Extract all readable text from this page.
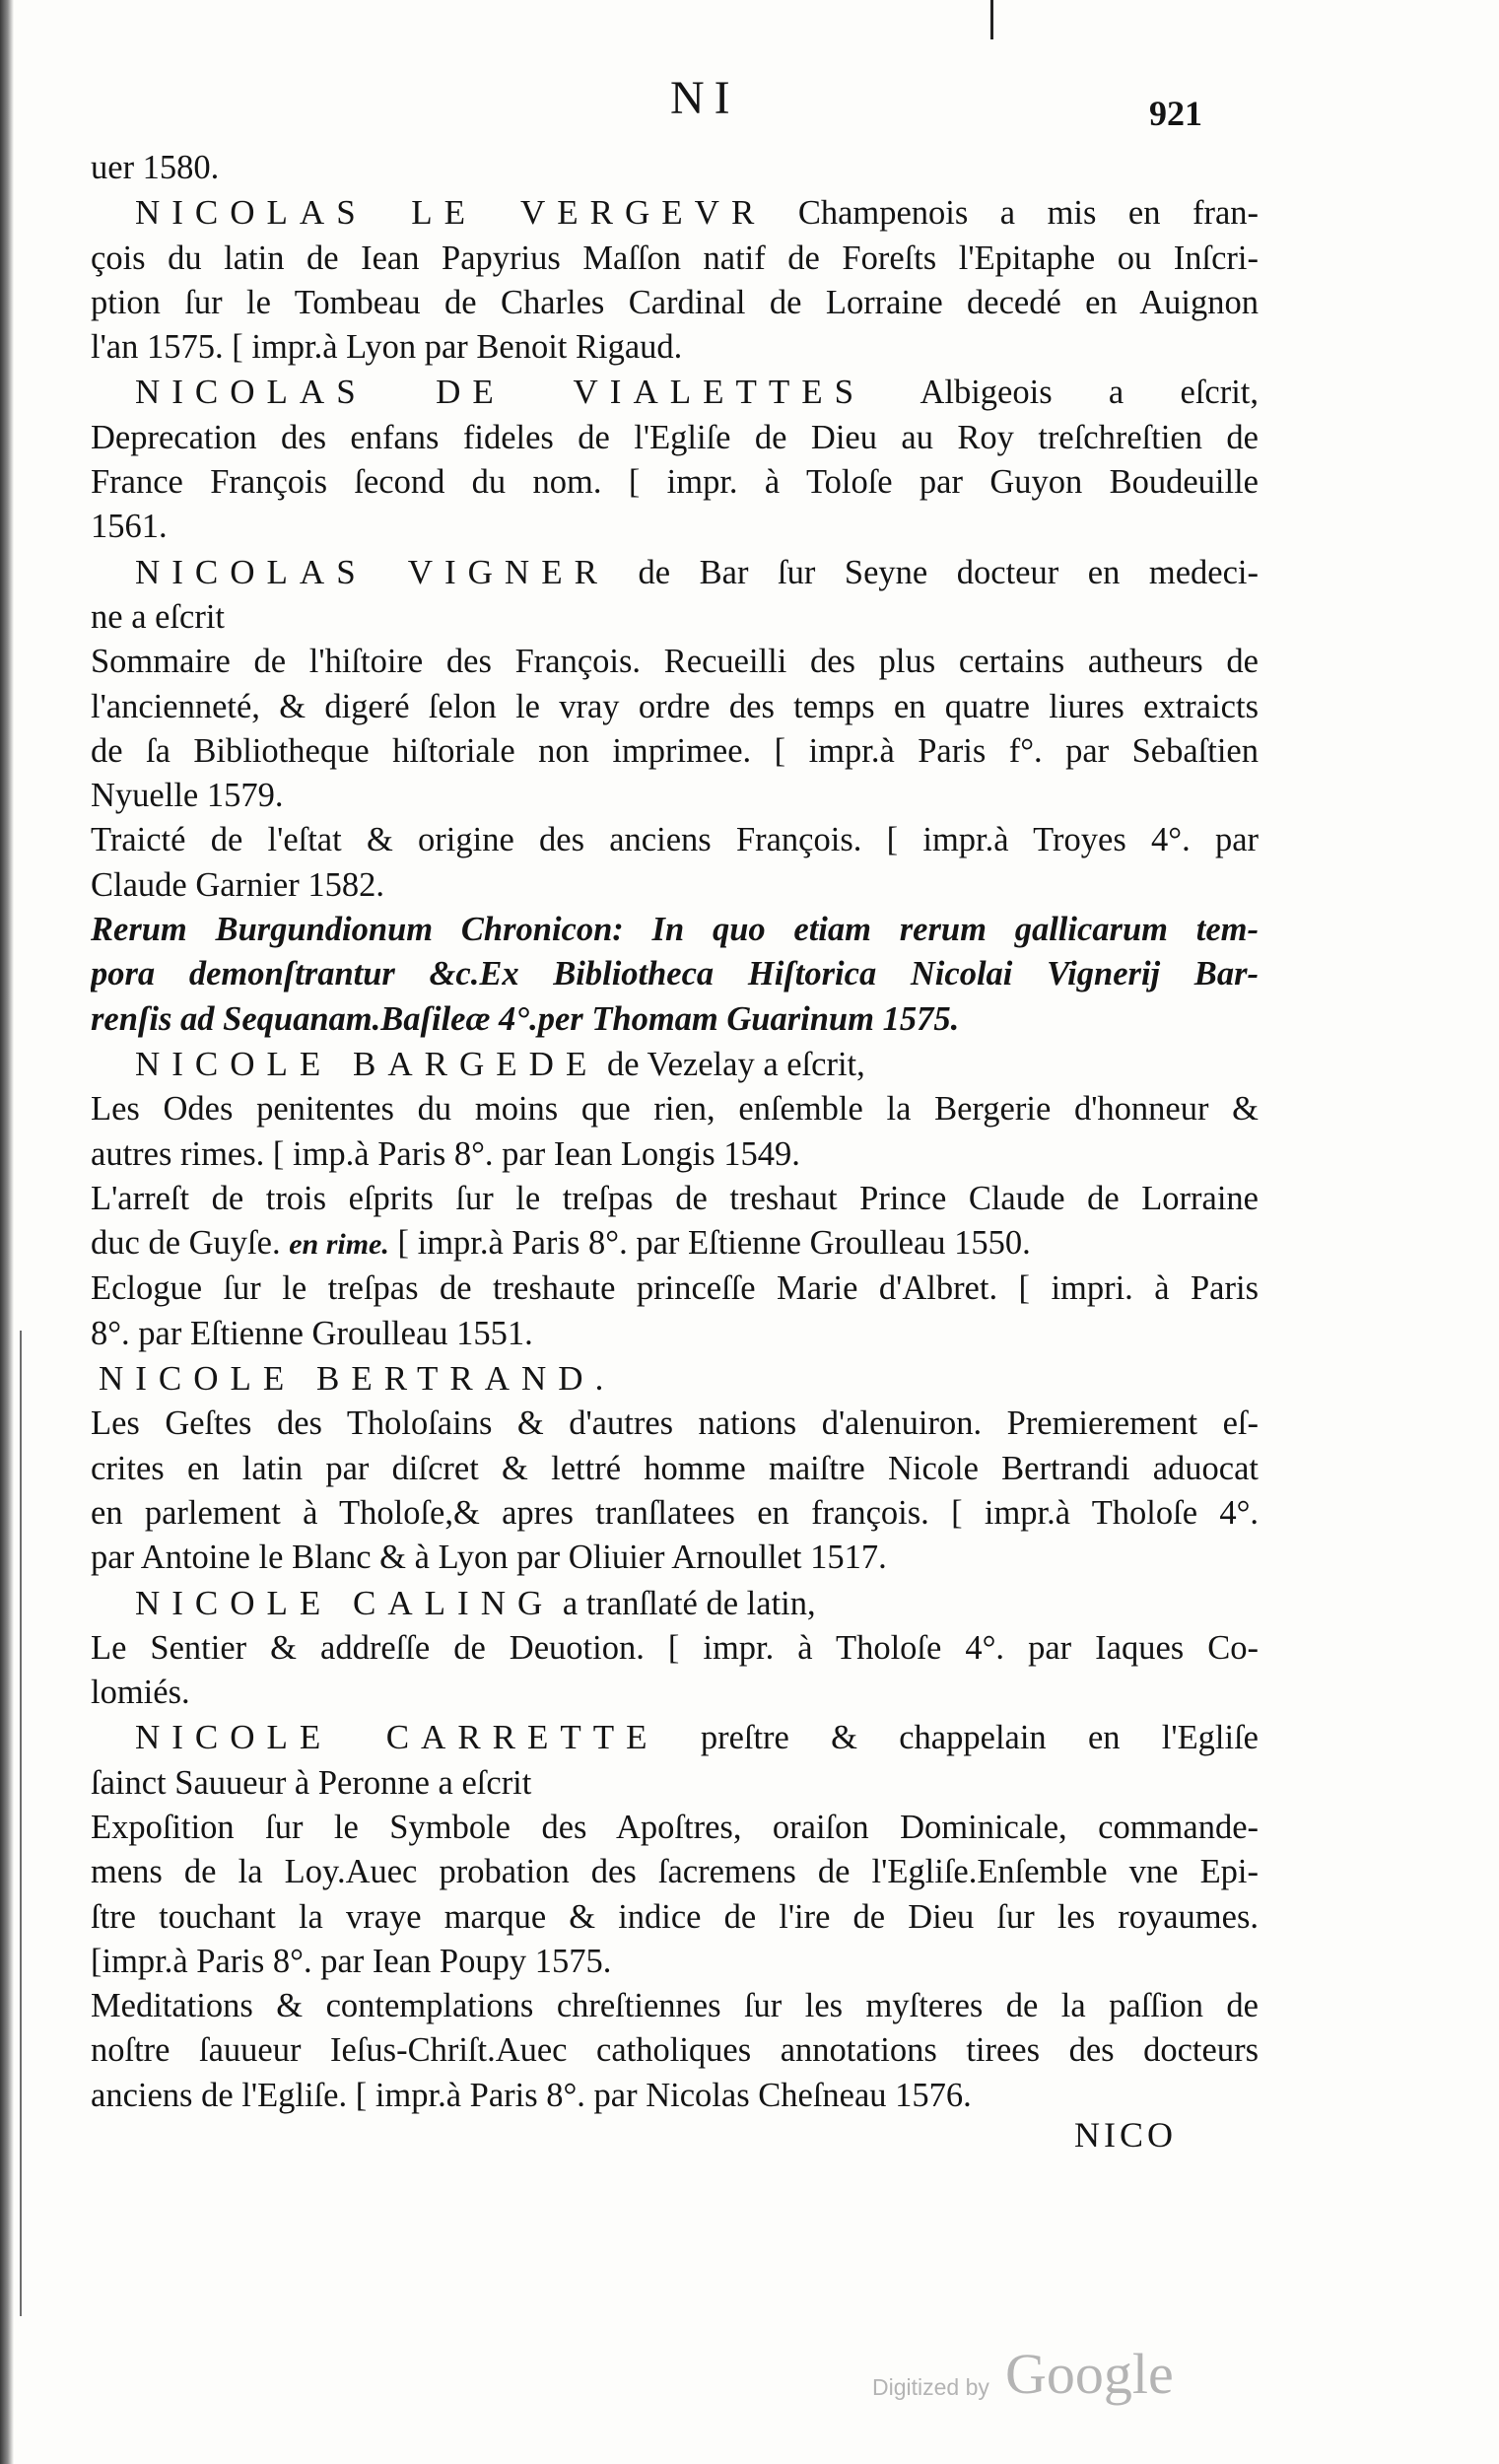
NI	921
uer 1580.
NICOLAS LE VERGEVR Champenois a mis en fran-
çois du latin de Iean Papyrius Maſſon natif de Foreſts l'Epitaphe ou Inſcri-
ption ſur le Tombeau de Charles Cardinal de Lorraine decedé en Auignon
l'an 1575. [ impr.à Lyon par Benoit Rigaud.
NICOLAS DE VIALETTES Albigeois a eſcrit,
Deprecation des enfans fideles de l'Egliſe de Dieu au Roy treſchreſtien de
France François ſecond du nom. [ impr. à Toloſe par Guyon Boudeuille
1561.
NICOLAS VIGNER de Bar ſur Seyne docteur en medeci-
ne a eſcrit
Sommaire de l'hiſtoire des François. Recueilli des plus certains autheurs de
l'ancienneté, & digeré ſelon le vray ordre des temps en quatre liures extraicts
de ſa Bibliotheque hiſtoriale non imprimee. [ impr.à Paris f°. par Sebaſtien
Nyuelle 1579.
Traicté de l'eſtat & origine des anciens François. [ impr.à Troyes 4°. par
Claude Garnier 1582.
Rerum Burgundionum Chronicon: In quo etiam rerum gallicarum tem-
pora demonſtrantur &c.Ex Bibliotheca Hiſtorica Nicolai Vigneriј Bar-
renſis ad Sequanam.Baſileæ 4°.per Thomam Guarinum 1575.
NICOLE BARGEDE de Vezelay a eſcrit,
Les Odes penitentes du moins que rien, enſemble la Bergerie d'honneur &
autres rimes. [ imp.à Paris 8°. par Iean Longis 1549.
L'arreſt de trois eſprits ſur le treſpas de treshaut Prince Claude de Lorraine
duc de Guyſe. en rime. [ impr.à Paris 8°. par Eſtienne Groulleau 1550.
Eclogue ſur le treſpas de treshaute princeſſe Marie d'Albret. [ impri. à Paris
8°. par Eſtienne Groulleau 1551.
NICOLE BERTRAND.
Les Geſtes des Tholoſains & d'autres nations d'alenuiron. Premierement eſ-
crites en latin par diſcret & lettré homme maiſtre Nicole Bertrandi aduocat
en parlement à Tholoſe,& apres tranſlatees en françois. [ impr.à Tholoſe 4°.
par Antoine le Blanc & à Lyon par Oliuier Arnoullet 1517.
NICOLE CALING a tranſlaté de latin,
Le Sentier & addreſſe de Deuotion. [ impr. à Tholoſe 4°. par Iaques Co-
lomiés.
NICOLE CARRETTE preſtre & chappelain en l'Egliſe
ſainct Sauueur à Peronne a eſcrit
Expoſition ſur le Symbole des Apoſtres, oraiſon Dominicale, commande-
mens de la Loy.Auec probation des ſacremens de l'Egliſe.Enſemble vne Epi-
ſtre touchant la vraye marque & indice de l'ire de Dieu ſur les royaumes.
[impr.à Paris 8°. par Iean Poupy 1575.
Meditations & contemplations chreſtiennes ſur les myſteres de la paſſion de
noſtre ſauueur Ieſus-Chriſt.Auec catholiques annotations tirees des docteurs
anciens de l'Egliſe. [ impr.à Paris 8°. par Nicolas Cheſneau 1576.
NICO
Digitized by Google
